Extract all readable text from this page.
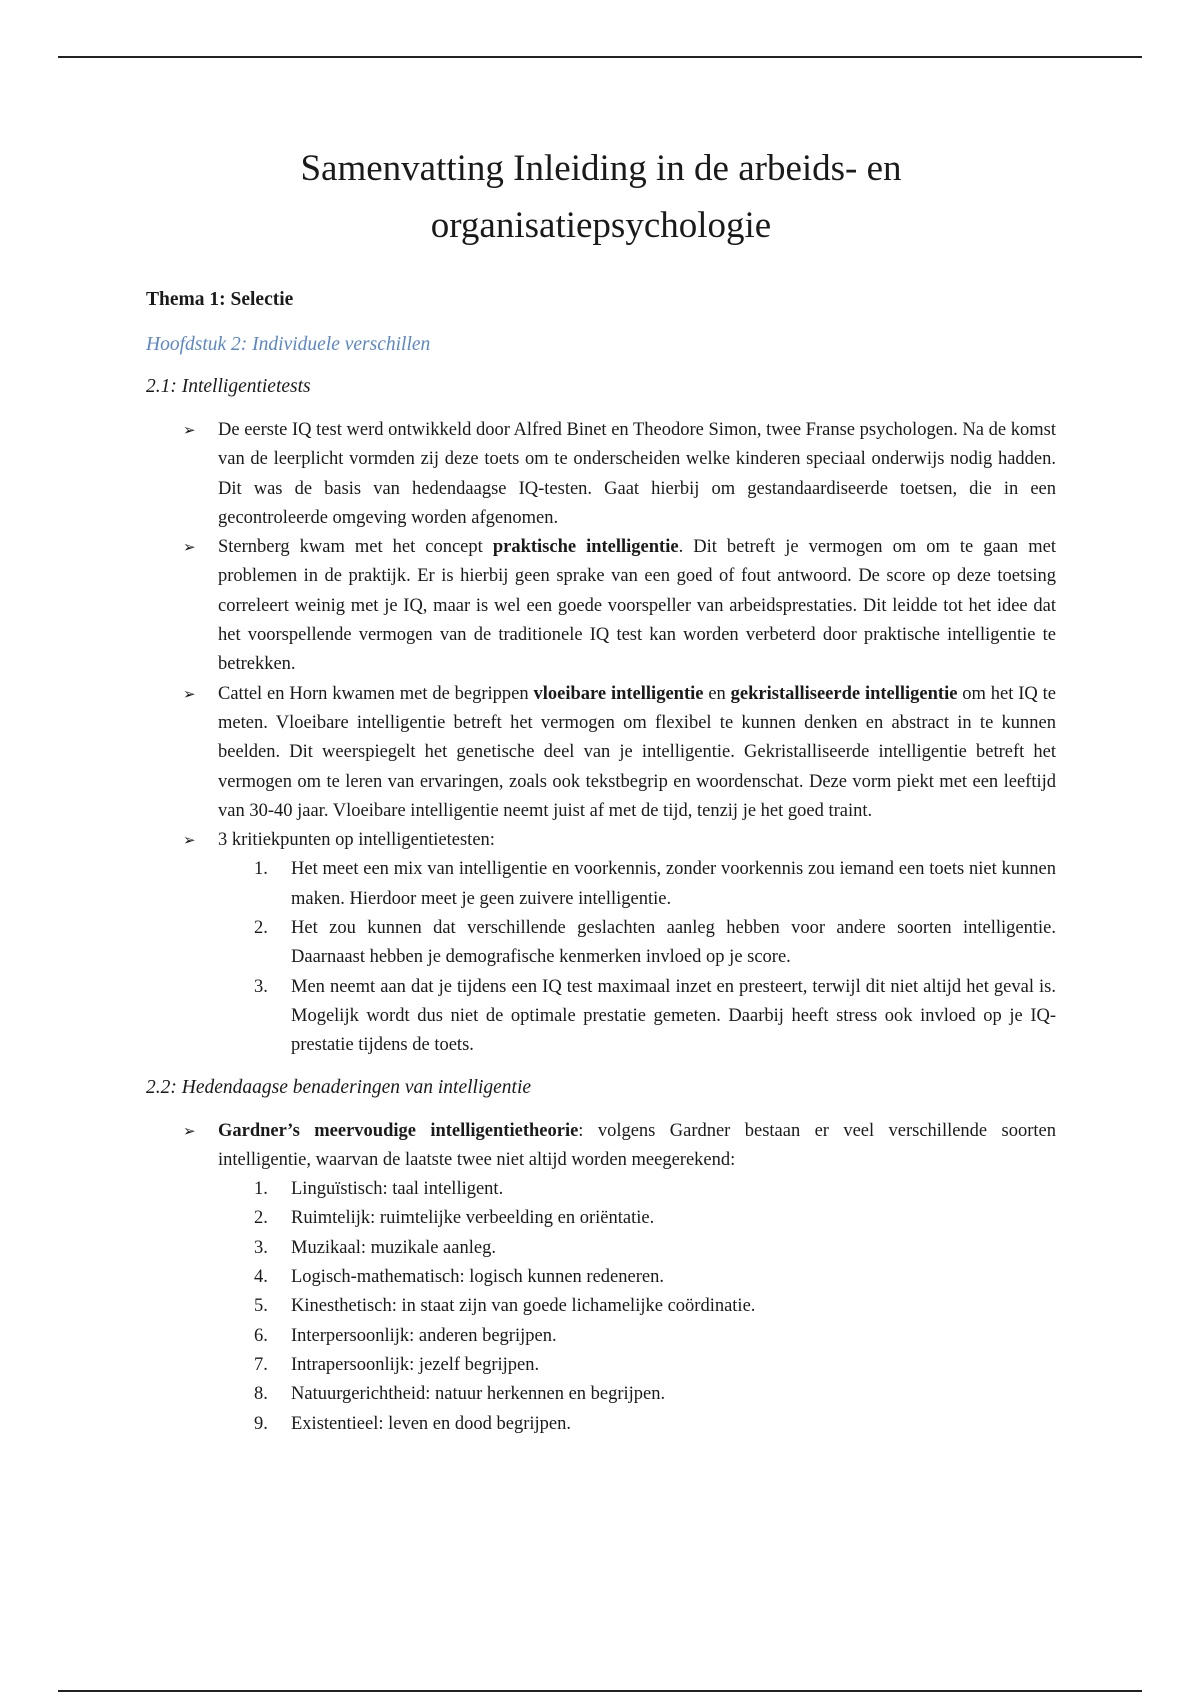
Samenvatting Inleiding in de arbeids- en
organisatiepsychologie

Thema 1: Selectie

Hoofdstuk 2: Individuele verschillen

2.1: Intelligentietests

➢ De eerste IQ test werd ontwikkeld door Alfred Binet en Theodore Simon, twee Franse psychologen. Na de komst van de leerplicht vormden zij deze toets om te onderscheiden welke kinderen speciaal onderwijs nodig hadden. Dit was de basis van hedendaagse IQ-testen. Gaat hierbij om gestandaardiseerde toetsen, die in een gecontroleerde omgeving worden afgenomen.
➢ Sternberg kwam met het concept praktische intelligentie. Dit betreft je vermogen om om te gaan met problemen in de praktijk. Er is hierbij geen sprake van een goed of fout antwoord. De score op deze toetsing correleert weinig met je IQ, maar is wel een goede voorspeller van arbeidsprestaties. Dit leidde tot het idee dat het voorspellende vermogen van de traditionele IQ test kan worden verbeterd door praktische intelligentie te betrekken.
➢ Cattel en Horn kwamen met de begrippen vloeibare intelligentie en gekristalliseerde intelligentie om het IQ te meten. Vloeibare intelligentie betreft het vermogen om flexibel te kunnen denken en abstract in te kunnen beelden. Dit weerspiegelt het genetische deel van je intelligentie. Gekristalliseerde intelligentie betreft het vermogen om te leren van ervaringen, zoals ook tekstbegrip en woordenschat. Deze vorm piekt met een leeftijd van 30-40 jaar. Vloeibare intelligentie neemt juist af met de tijd, tenzij je het goed traint.
➢ 3 kritiekpunten op intelligentietesten:
1. Het meet een mix van intelligentie en voorkennis, zonder voorkennis zou iemand een toets niet kunnen maken. Hierdoor meet je geen zuivere intelligentie.
2. Het zou kunnen dat verschillende geslachten aanleg hebben voor andere soorten intelligentie. Daarnaast hebben je demografische kenmerken invloed op je score.
3. Men neemt aan dat je tijdens een IQ test maximaal inzet en presteert, terwijl dit niet altijd het geval is. Mogelijk wordt dus niet de optimale prestatie gemeten. Daarbij heeft stress ook invloed op je IQ-prestatie tijdens de toets.

2.2: Hedendaagse benaderingen van intelligentie

➢ Gardner’s meervoudige intelligentietheorie: volgens Gardner bestaan er veel verschillende soorten intelligentie, waarvan de laatste twee niet altijd worden meegerekend:
1. Linguïstisch: taal intelligent.
2. Ruimtelijk: ruimtelijke verbeelding en oriëntatie.
3. Muzikaal: muzikale aanleg.
4. Logisch-mathematisch: logisch kunnen redeneren.
5. Kinesthetisch: in staat zijn van goede lichamelijke coördinatie.
6. Interpersoonlijk: anderen begrijpen.
7. Intrapersoonlijk: jezelf begrijpen.
8. Natuurgerichtheid: natuur herkennen en begrijpen.
9. Existentieel: leven en dood begrijpen.
